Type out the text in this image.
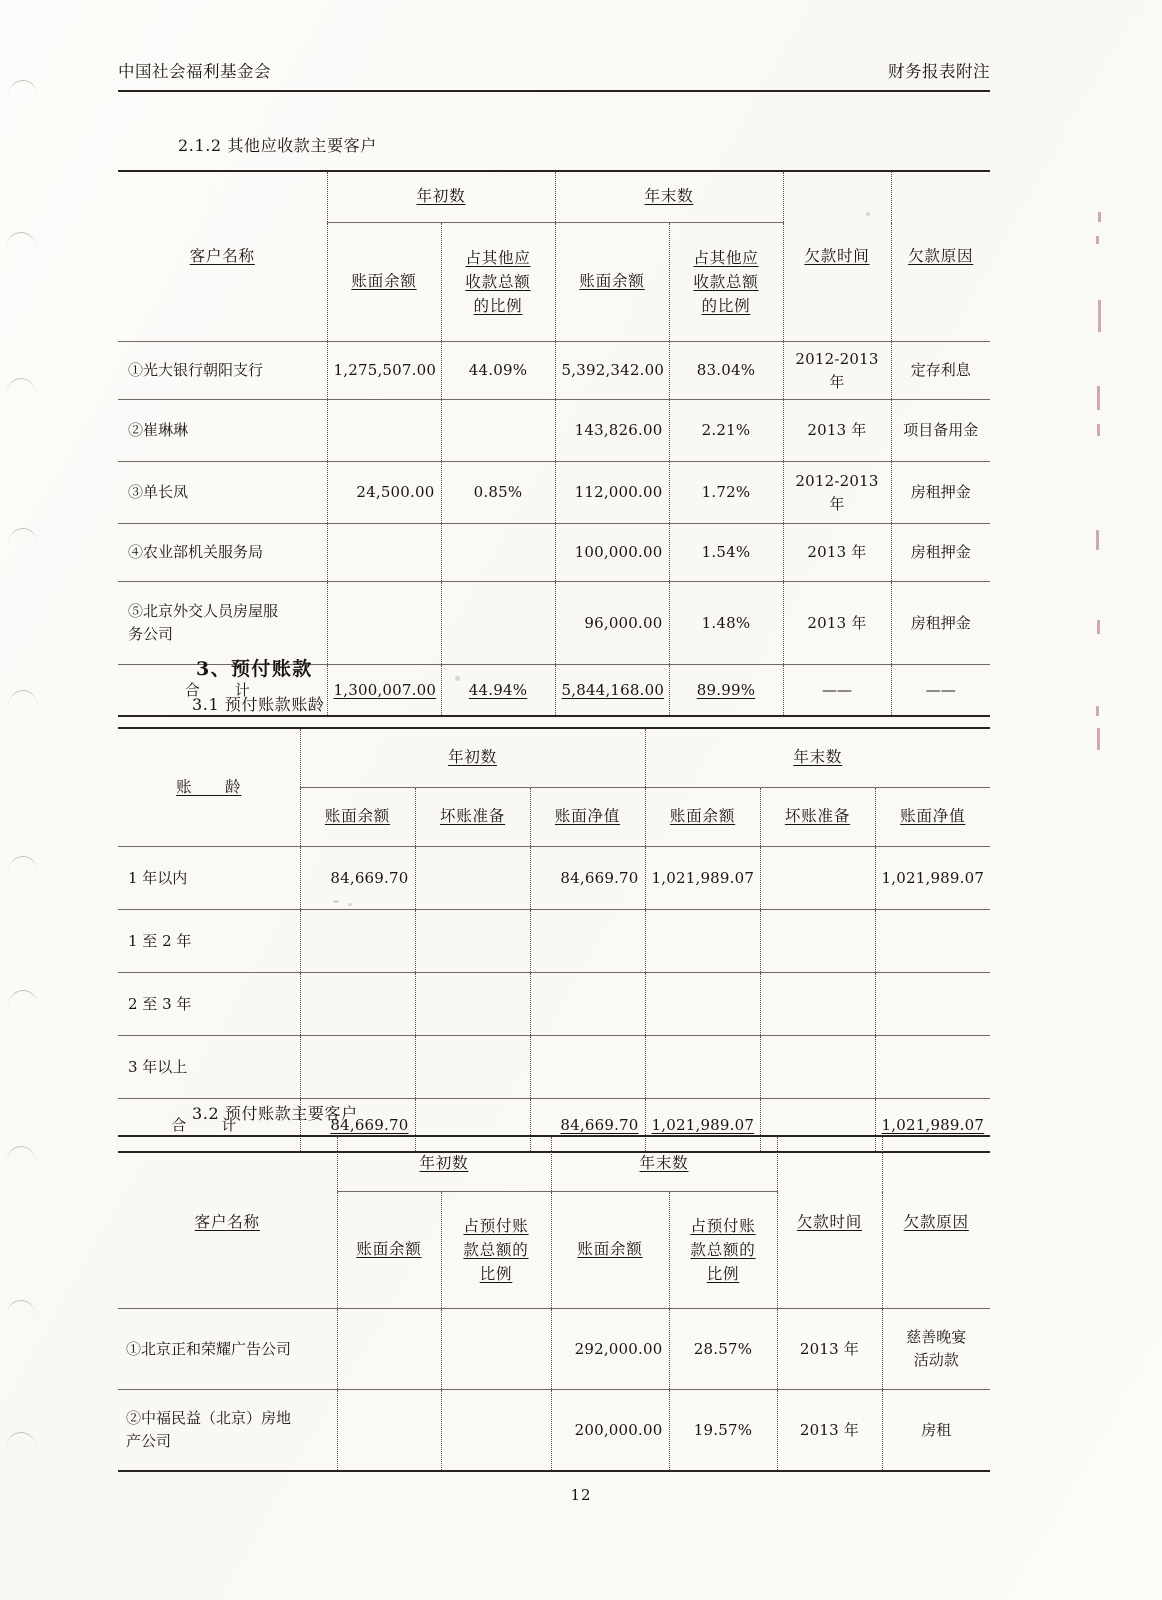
中国社会福利基金会	财务报表附注
2.1.2 其他应收款主要客户
客户名称	年初数		年末数		欠款时间	欠款原因
	账面余额	占其他应
收款总额
的比例	账面余额	占其他应
收款总额
的比例		

①光大银行朝阳支行	1,275,507.00	44.09%	5,392,342.00	83.04%	2012-2013 年	定存利息
②崔琳琳			143,826.00	2.21%	2013 年	项目备用金
③单长凤	24,500.00	0.85%	112,000.00	1.72%	2012-2013 年	房租押金
④农业部机关服务局			100,000.00	1.54%	2013 年	房租押金

⑤北京外交人员房屋服
务公司			96,000.00	1.48%	2013 年	房租押金
合　计	1,300,007.00	44.94%	5,844,168.00	89.99%	——	——
3、预付账款
3.1 预付账款账龄
账　　龄	年初数			年末数		
	账面余额	坏账准备	账面净值	账面余额	坏账准备	账面净值
1 年以内	84,669.70		84,669.70	1,021,989.07		1,021,989.07
1 至 2 年						
2 至 3 年						
3 年以上						
合　计	84,669.70		84,669.70	1,021,989.07		1,021,989.07
3.2 预付账款主要客户
客户名称	年初数		年末数		欠款时间	欠款原因
	账面余额	占预付账
款总额的
比例	账面余额	占预付账
款总额的
比例		

①北京正和荣耀广告公司			292,000.00	28.57%	2013 年	慈善晚宴
活动款

②中福民益（北京）房地
产公司			200,000.00	19.57%	2013 年	房租
12
